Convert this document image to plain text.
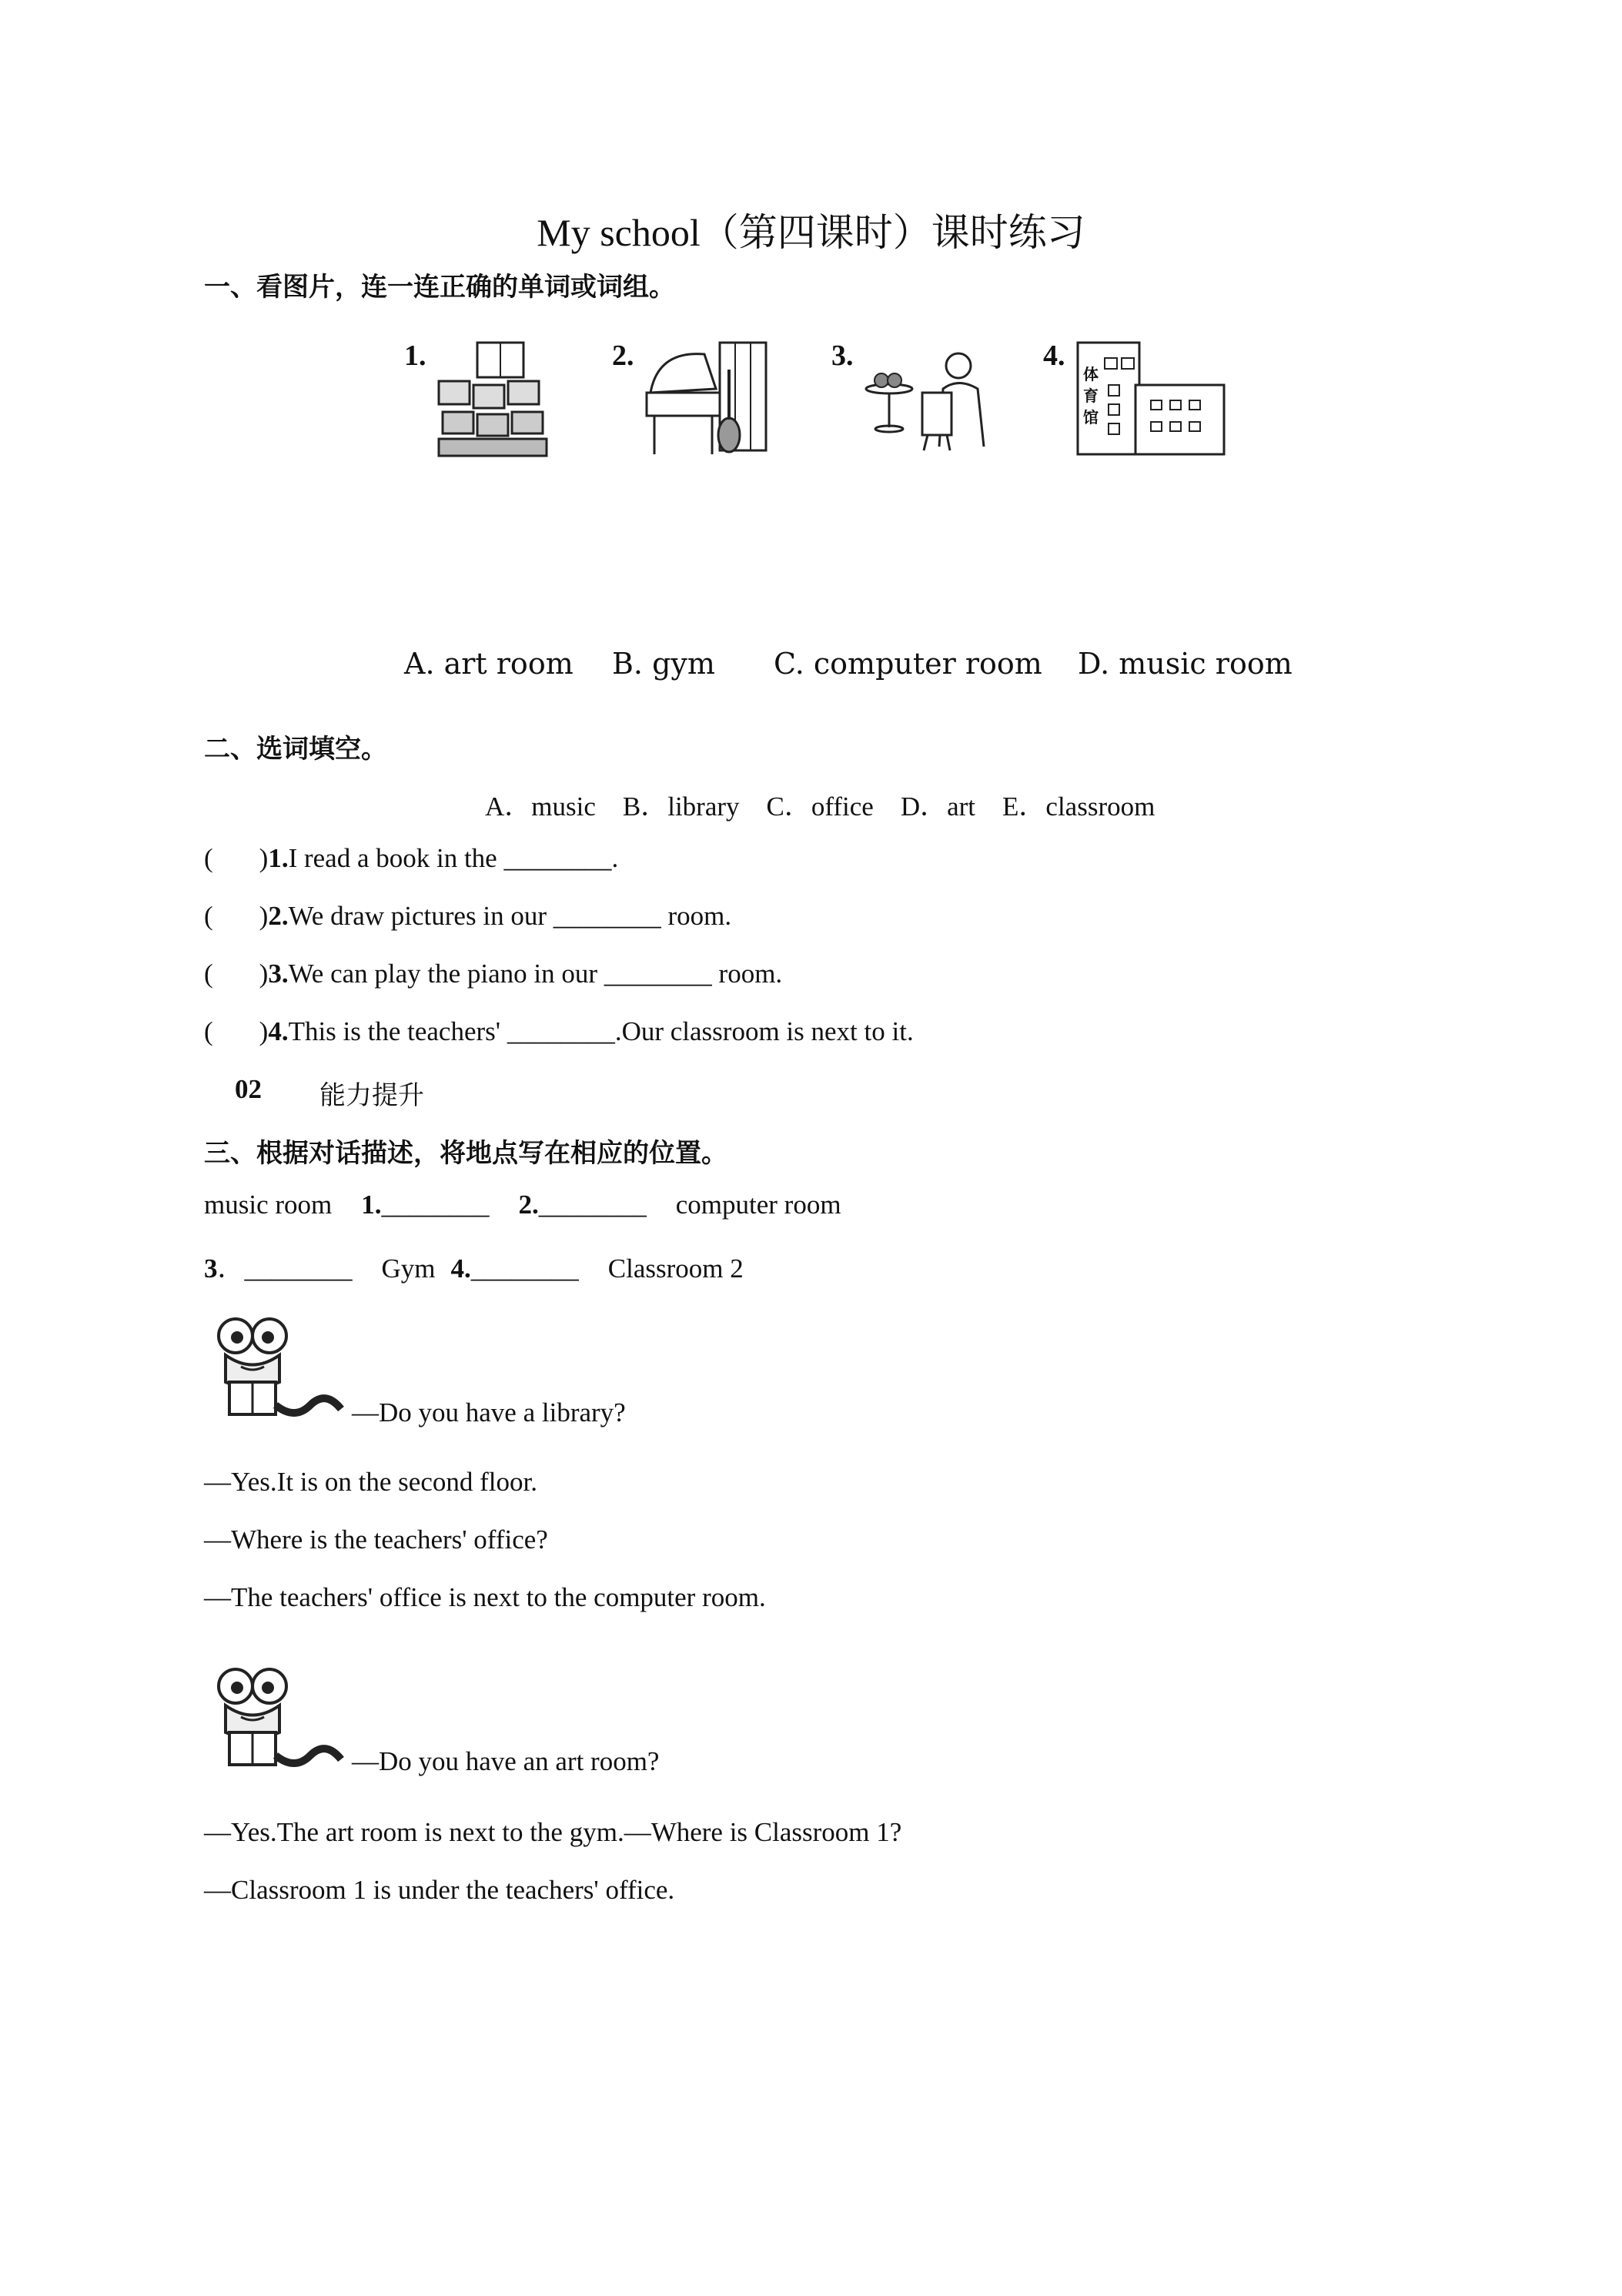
My school（第四课时）课时练习
一、看图片，连一连正确的单词或词组。
1.	2.	3.	4.
体
育
馆
A. art room B. gym C. computer room D. music room
二、选词填空。
A．music　B．library　C．office　D．art　E．classroom
( )1.I read a book in the ________.
( )2.We draw pictures in our ________ room.
( )3.We can play the piano in our ________ room.
( )4.This is the teachers' ________.Our classroom is next to it.
02 能力提升
三、根据对话描述，将地点写在相应的位置。
music room 1.________ 2.________ computer room
3．________ Gym 4.________ Classroom 2
—Do you have a library?
—Yes.It is on the second floor.
—Where is the teachers' office?
—The teachers' office is next to the computer room.
—Do you have an art room?
—Yes.The art room is next to the gym.—Where is Classroom 1?
—Classroom 1 is under the teachers' office.
